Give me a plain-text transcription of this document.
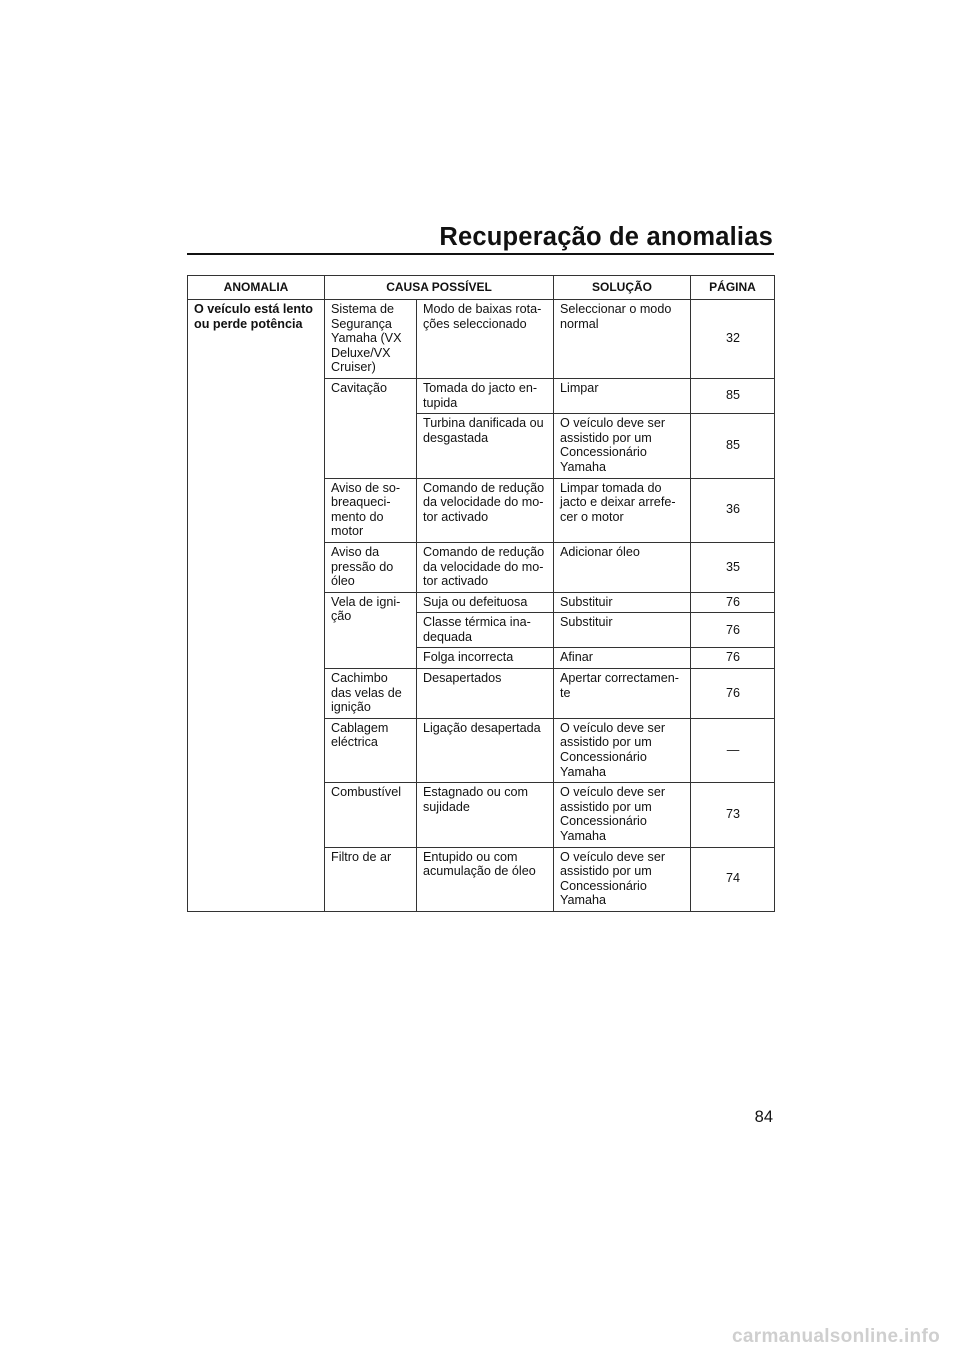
Recuperação de anomalias
ANOMALIA	CAUSA POSSÍVEL		SOLUÇÃO	PÁGINA
O veículo está lento ou perde potência	Sistema de Segurança Yamaha (VX Deluxe/VX Cruiser)	Modo de baixas rota-ções seleccionado	Seleccionar o modo normal	32
	Cavitação	Tomada do jacto en-tupida	Limpar	85
		Turbina danificada ou desgastada	O veículo deve ser assistido por um Concessionário Yamaha	85
	Aviso de so-breaqueci-mento do motor	Comando de redução da velocidade do mo-tor activado	Limpar tomada do jacto e deixar arrefe-cer o motor	36
	Aviso da pressão do óleo	Comando de redução da velocidade do mo-tor activado	Adicionar óleo	35
	Vela de igni-ção	Suja ou defeituosa	Substituir	76
		Classe térmica ina-dequada	Substituir	76
		Folga incorrecta	Afinar	76
	Cachimbo das velas de ignição	Desapertados	Apertar correctamen-te	76
	Cablagem eléctrica	Ligação desapertada	O veículo deve ser assistido por um Concessionário Yamaha	—
	Combustível	Estagnado ou com sujidade	O veículo deve ser assistido por um Concessionário Yamaha	73
	Filtro de ar	Entupido ou com acumulação de óleo	O veículo deve ser assistido por um Concessionário Yamaha	74
84
carmanualsonline.info
